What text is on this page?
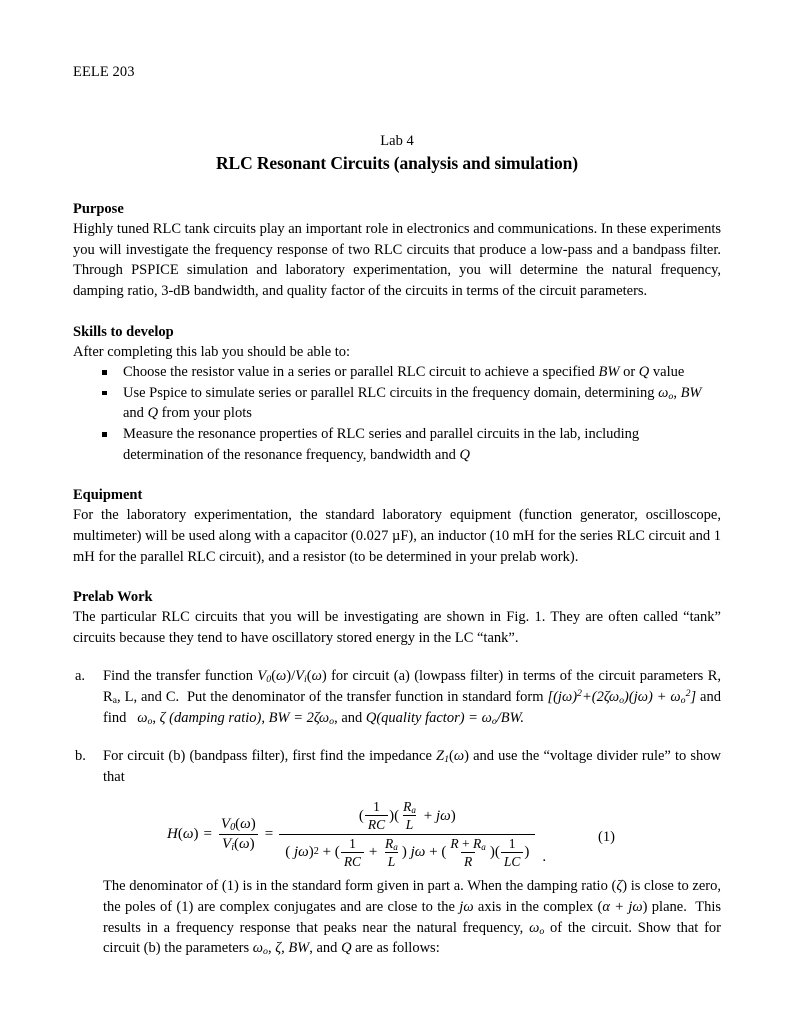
EELE 203
Lab 4
RLC Resonant Circuits (analysis and simulation)
Purpose

Highly tuned RLC tank circuits play an important role in electronics and communications. In these experiments you will investigate the frequency response of two RLC circuits that produce a low-pass and a bandpass filter. Through PSPICE simulation and laboratory experimentation, you will determine the natural frequency, damping ratio, 3-dB bandwidth, and quality factor of the circuits in terms of the circuit parameters.

Skills to develop

After completing this lab you should be able to:

Choose the resistor value in a series or parallel RLC circuit to achieve a specified BW or Q value
Use Pspice to simulate series or parallel RLC circuits in the frequency domain, determining $\omega_o$, BW and Q from your plots
Measure the resonance properties of RLC series and parallel circuits in the lab, including determination of the resonance frequency, bandwidth and Q
Equipment

For the laboratory experimentation, the standard laboratory equipment (function generator, oscilloscope, multimeter) will be used along with a capacitor (0.027 µF), an inductor (10 mH for the series RLC circuit and 1 mH for the parallel RLC circuit), and a resistor (to be determined in your prelab work).

Prelab Work

The particular RLC circuits that you will be investigating are shown in Fig. 1. They are often called “tank” circuits because they tend to have oscillatory stored energy in the LC “tank”.

a. Find the transfer function $V_0(\omega)/V_i(\omega)$ for circuit (a) (lowpass filter) in terms of the circuit parameters R, $R_a$, L, and C.  Put the denominator of the transfer function in standard form $[(j\omega)^2+(2\zeta\omega_o)(j\omega) + \omega_o^2]$ and find   $\omega_o$, ζ (damping ratio), BW = $2\zeta\omega_o$, and Q(quality factor) = $\omega_o/BW$.
b. For circuit (b) (bandpass filter), first find the impedance $Z_1(\omega)$ and use the “voltage divider rule” to show that
H $(\omega) = \frac{V_0(\omega)}{V_i(\omega)} = \frac{( \frac{1}{RC} )( \frac{R_a}{L} + j\omega )}{( j\omega ) 2 + ( \frac{1}{RC} + \frac{R_a}{L} ) j\omega + ( \frac{R + R_a}{R} )( \frac{1}{LC} )}$ .
(1)
The denominator of (1) is in the standard form given in part a. When the damping ratio (ζ) is close to zero, the poles of (1) are complex conjugates and are close to the jω axis in the complex (α + jω) plane.  This results in a frequency response that peaks near the natural frequency, $\omega_o$ of the circuit. Show that for circuit (b) the parameters $\omega_o$, ζ, BW, and Q are as follows:
